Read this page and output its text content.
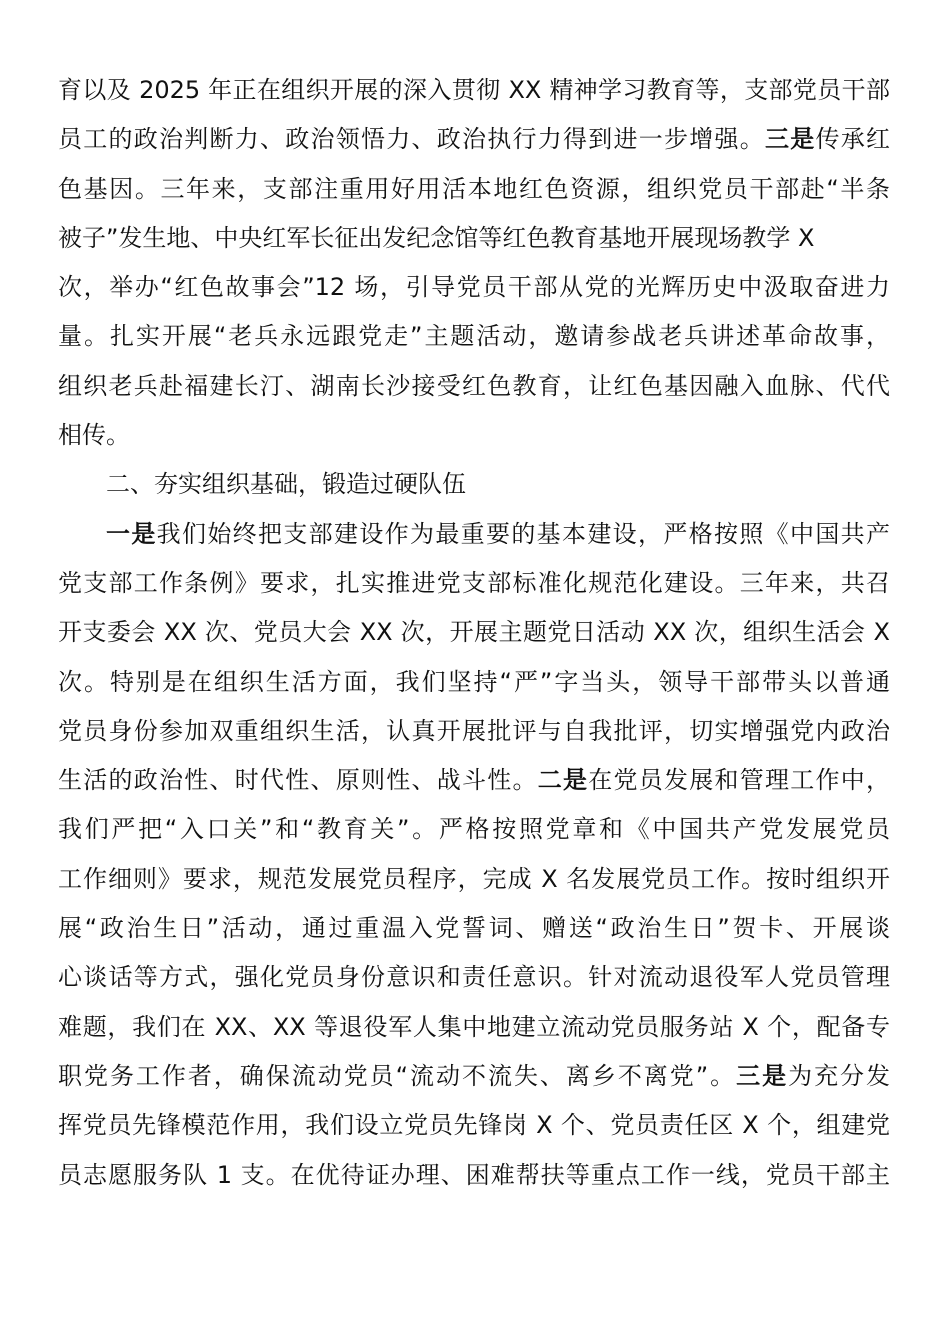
育以及 2025 年正在组织开展的深入贯彻 XX 精神学习教育等，支部党员干部
员工的政治判断力、政治领悟力、政治执行力得到进一步增强。三是传承红
色基因。三年来，支部注重用好用活本地红色资源，组织党员干部赴“半条
被子”发生地、中央红军长征出发纪念馆等红色教育基地开展现场教学 X
次，举办“红色故事会”12 场，引导党员干部从党的光辉历史中汲取奋进力
量。扎实开展“老兵永远跟党走”主题活动，邀请参战老兵讲述革命故事，
组织老兵赴福建长汀、湖南长沙接受红色教育，让红色基因融入血脉、代代
相传。
二、夯实组织基础，锻造过硬队伍
一是我们始终把支部建设作为最重要的基本建设，严格按照《中国共产
党支部工作条例》要求，扎实推进党支部标准化规范化建设。三年来，共召
开支委会 XX 次、党员大会 XX 次，开展主题党日活动 XX 次，组织生活会 X
次。特别是在组织生活方面，我们坚持“严”字当头，领导干部带头以普通
党员身份参加双重组织生活，认真开展批评与自我批评，切实增强党内政治
生活的政治性、时代性、原则性、战斗性。二是在党员发展和管理工作中，
我们严把“入口关”和“教育关”。严格按照党章和《中国共产党发展党员
工作细则》要求，规范发展党员程序，完成 X 名发展党员工作。按时组织开
展“政治生日”活动，通过重温入党誓词、赠送“政治生日”贺卡、开展谈
心谈话等方式，强化党员身份意识和责任意识。针对流动退役军人党员管理
难题，我们在 XX、XX 等退役军人集中地建立流动党员服务站 X 个，配备专
职党务工作者，确保流动党员“流动不流失、离乡不离党”。三是为充分发
挥党员先锋模范作用，我们设立党员先锋岗 X 个、党员责任区 X 个，组建党
员志愿服务队 1 支。在优待证办理、困难帮扶等重点工作一线，党员干部主
